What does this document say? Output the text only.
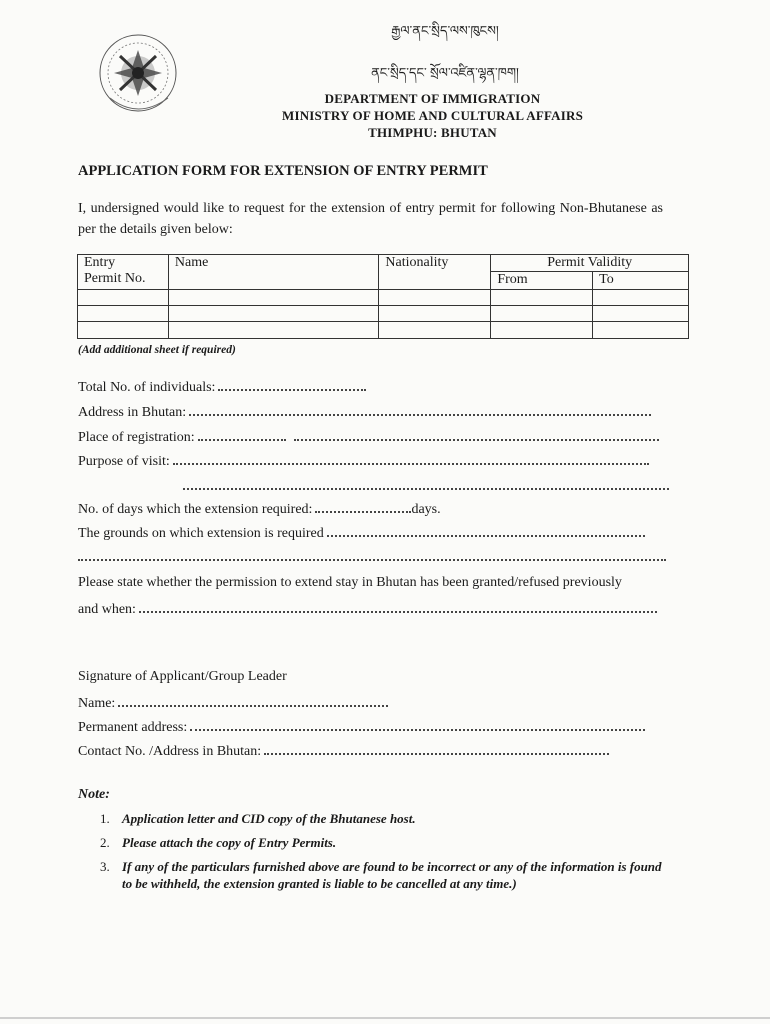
རྒྱལ་ནང་སྲིད་ལས་ཁུངས།
ནང་སྲིད་དང་ སྲོལ་འཛིན་ལྷན་ཁག།
DEPARTMENT OF IMMIGRATION
MINISTRY OF HOME AND CULTURAL AFFAIRS
THIMPHU: BHUTAN
APPLICATION FORM FOR EXTENSION OF ENTRY PERMIT
I, undersigned would like to request for the extension of entry permit for following Non-Bhutanese as per the details given below:
Entry
Permit No.	Name	Nationality	Permit Validity	
			From	To

(Add additional sheet if required)
Total No. of individuals:
Address in Bhutan:
Place of registration:
Purpose of visit:
No. of days which the extension required:	days.
The grounds on which extension is required
Please state whether the permission to extend stay in Bhutan has been granted/refused previously
and when:
Signature of Applicant/Group Leader
Name:
Permanent address:
Contact No. /Address in Bhutan:
Note:
1. Application letter and CID copy of the Bhutanese host.
2. Please attach the copy of Entry Permits.
3. If any of the particulars furnished above are found to be incorrect or any of the information is found to be withheld, the extension granted is liable to be cancelled at any time.)
